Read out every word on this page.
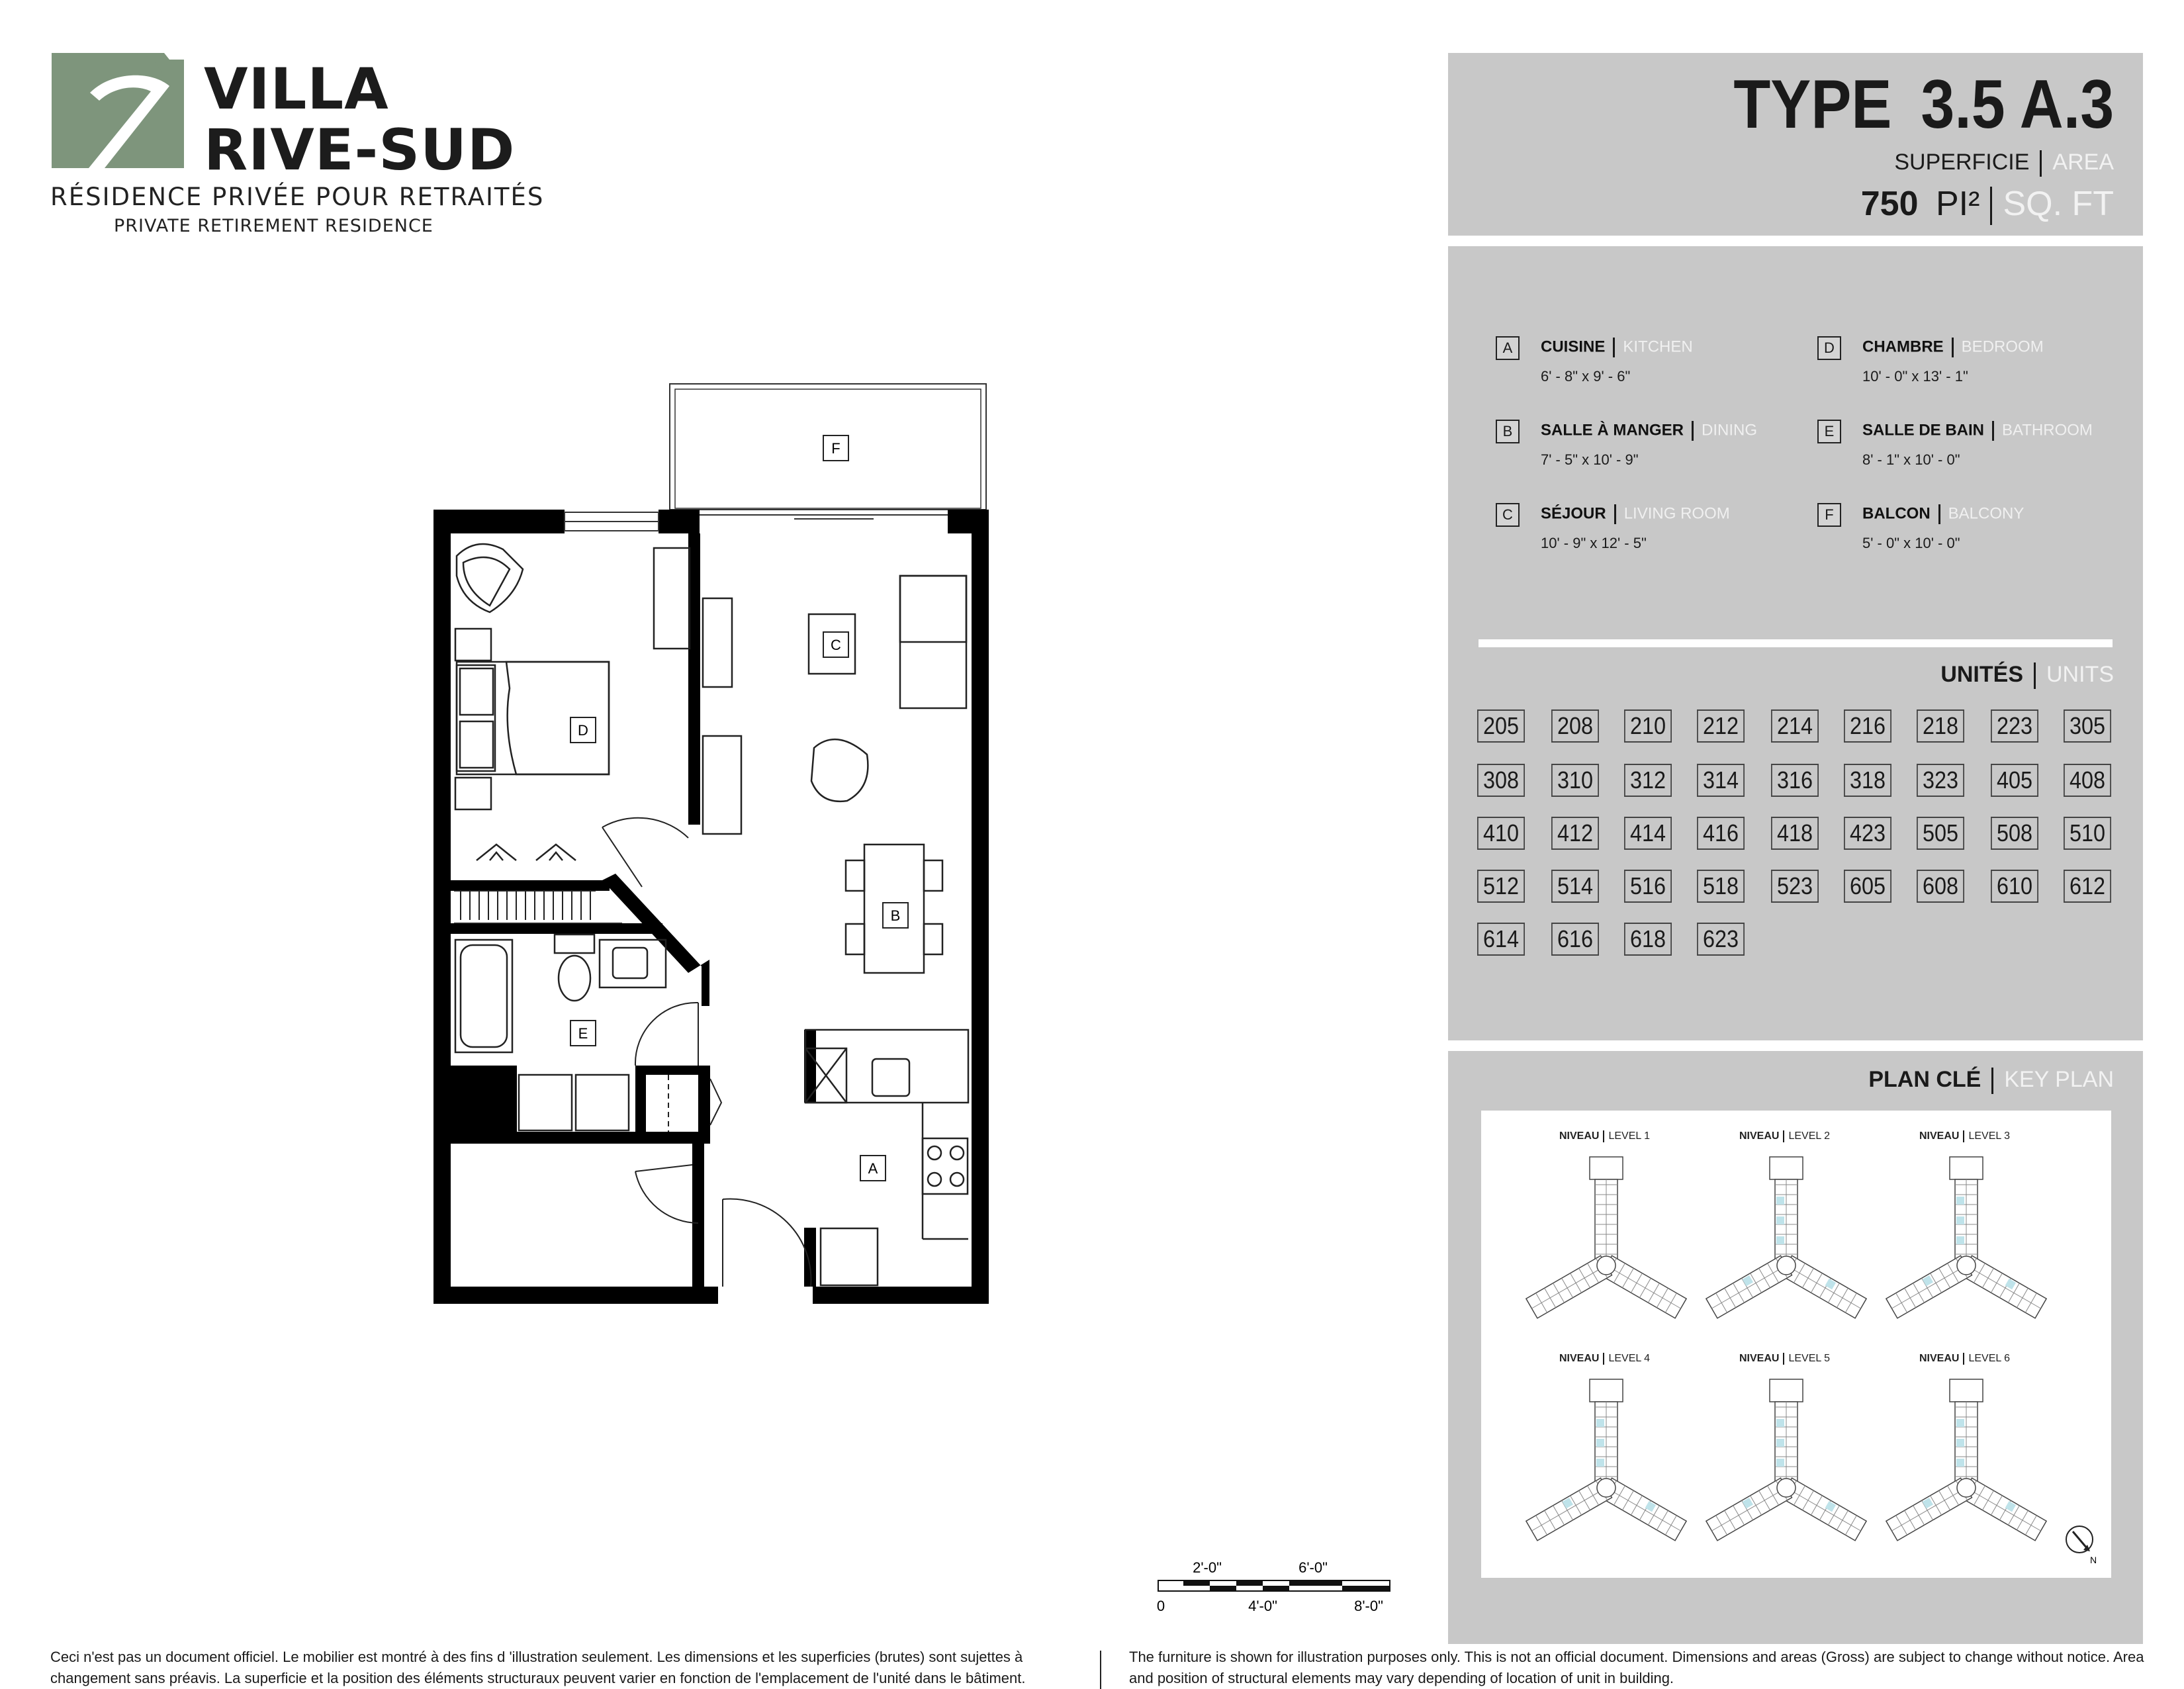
VILLA
RIVE-SUD
RÉSIDENCE PRIVÉE POUR RETRAITÉS
PRIVATE RETIREMENT RESIDENCE
TYPE 3.5 A.3
SUPERFICIE AREA
750 PI² SQ. FT
A	CUISINE KITCHEN
6' - 8" x 9' - 6"
B	SALLE À MANGER DINING
7' - 5" x 10' - 9"
C	SÉJOUR LIVING ROOM
10' - 9" x 12' - 5"
D	CHAMBRE BEDROOM
10' - 0" x 13' - 1"
E	SALLE DE BAIN BATHROOM
8' - 1" x 10' - 0"
F	BALCON BALCONY
5' - 0" x 10' - 0"
UNITÉS UNITS
205 208 210 212 214 216 218 223 305
308 310 312 314 316 318 323 405 408
410 412 414 416 418 423 505 508 510
512 514 516 518 523 605 608 610 612
614 616 618 623
PLAN CLÉ KEY PLAN
NIVEAU LEVEL 1	NIVEAU LEVEL 2	NIVEAU LEVEL 3
NIVEAU LEVEL 4	NIVEAU LEVEL 5	NIVEAU LEVEL 6
N
F
C
D
B
E
A
2'-0"	6'-0"
0	4'-0"	8'-0"
Ceci n'est pas un document officiel. Le mobilier est montré à des fins d 'illustration seulement. Les dimensions et les superficies (brutes) sont sujettes à changement sans préavis. La superficie et la position des éléments structuraux peuvent varier en fonction de l'emplacement de l'unité dans le bâtiment.
The furniture is shown for illustration purposes only. This is not an official document. Dimensions and areas (Gross) are subject to change without notice. Area and position of structural elements may vary depending of location of unit in building.
